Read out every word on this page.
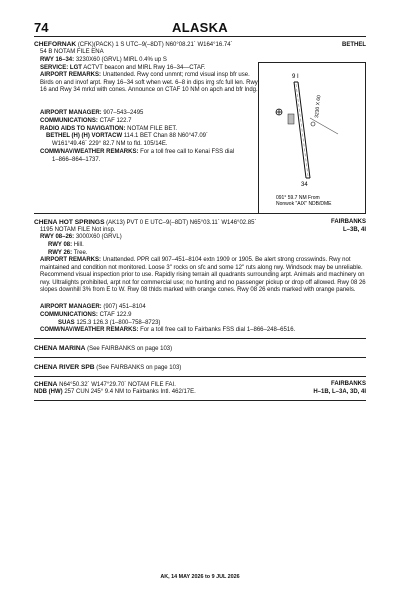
74	ALASKA
CHEFORNAK (CFK)(PACK) 1 S UTC–9(–8DT) N60°08.21´ W164°16.74´	BETHEL
54 B NOTAM FILE ENA
RWY 16–34: 3230X60 (GRVL) MIRL 0.4% up S
SERVICE: LGT ACTVT beacon and MIRL Rwy 16–34—CTAF.
AIRPORT REMARKS: Unattended. Rwy cond unmnt; rcmd visual insp bfr use. Birds on and invof arpt. Rwy 16–34 soft when wet. 6–8 in dips irrg sfc full len. Rwy 16 and Rwy 34 mrkd with cones. Announce on CTAF 10 NM on apch and bfr lndg.
AIRPORT MANAGER: 907–543–2495
COMMUNICATIONS: CTAF 122.7
RADIO AIDS TO NAVIGATION: NOTAM FILE BET.
BETHEL (H) (H) VORTACW 114.1 BET Chan 88 N60°47.09´
W161°49.46´ 229° 82.7 NM to fld. 105/14E.
COMM/NAV/WEATHER REMARKS: For a toll free call to Kenai FSS dial
1–866–864–1737.
9 I
34
3230 X 60
091° 59.7 NM From
Nonwok "AIX" NDB/DME
CHENA HOT SPRINGS (AK13) PVT 0 E UTC–9(–8DT) N65°03.11´ W146°02.85´	FAIRBANKS
L–3B, 4I
1195 NOTAM FILE Not insp.
RWY 08–26: 3000X60 (GRVL)
RWY 08: Hill.
RWY 26: Tree.
AIRPORT REMARKS: Unattended. PPR call 907–451–8104 extn 1909 or 1905. Be alert strong crosswinds. Rwy not maintained and condition not monitored. Loose 3" rocks on sfc and some 12" ruts along rwy. Windsock may be unreliable. Recommend visual inspection prior to use. Rapidly rising terrain all quadrants surrounding arpt. Animals and machinery on rwy. Ultralights prohibited, arpt not for commercial use; no hunting and no passenger pickup or drop off allowed. Rwy 08 26 slopes downhill 3% from E to W. Rwy 08 thlds marked with orange cones. Rwy 08 26 ends marked with orange panels.
AIRPORT MANAGER: (907) 451–8104
COMMUNICATIONS: CTAF 122.9
SUAS 125.3 126.3 (1–800–758–8723)
COMM/NAV/WEATHER REMARKS: For a toll free call to Fairbanks FSS dial 1–866–248–6516.
CHENA MARINA (See FAIRBANKS on page 103)
CHENA RIVER SPB (See FAIRBANKS on page 103)
CHENA N64°50.32´ W147°29.70´ NOTAM FILE FAI.	FAIRBANKS
H–1B, L–3A, 3D, 4I
NDB (HW) 257 CUN 245° 9.4 NM to Fairbanks Intl. 462/17E.
AK, 14 MAY 2026 to 9 JUL 2026
